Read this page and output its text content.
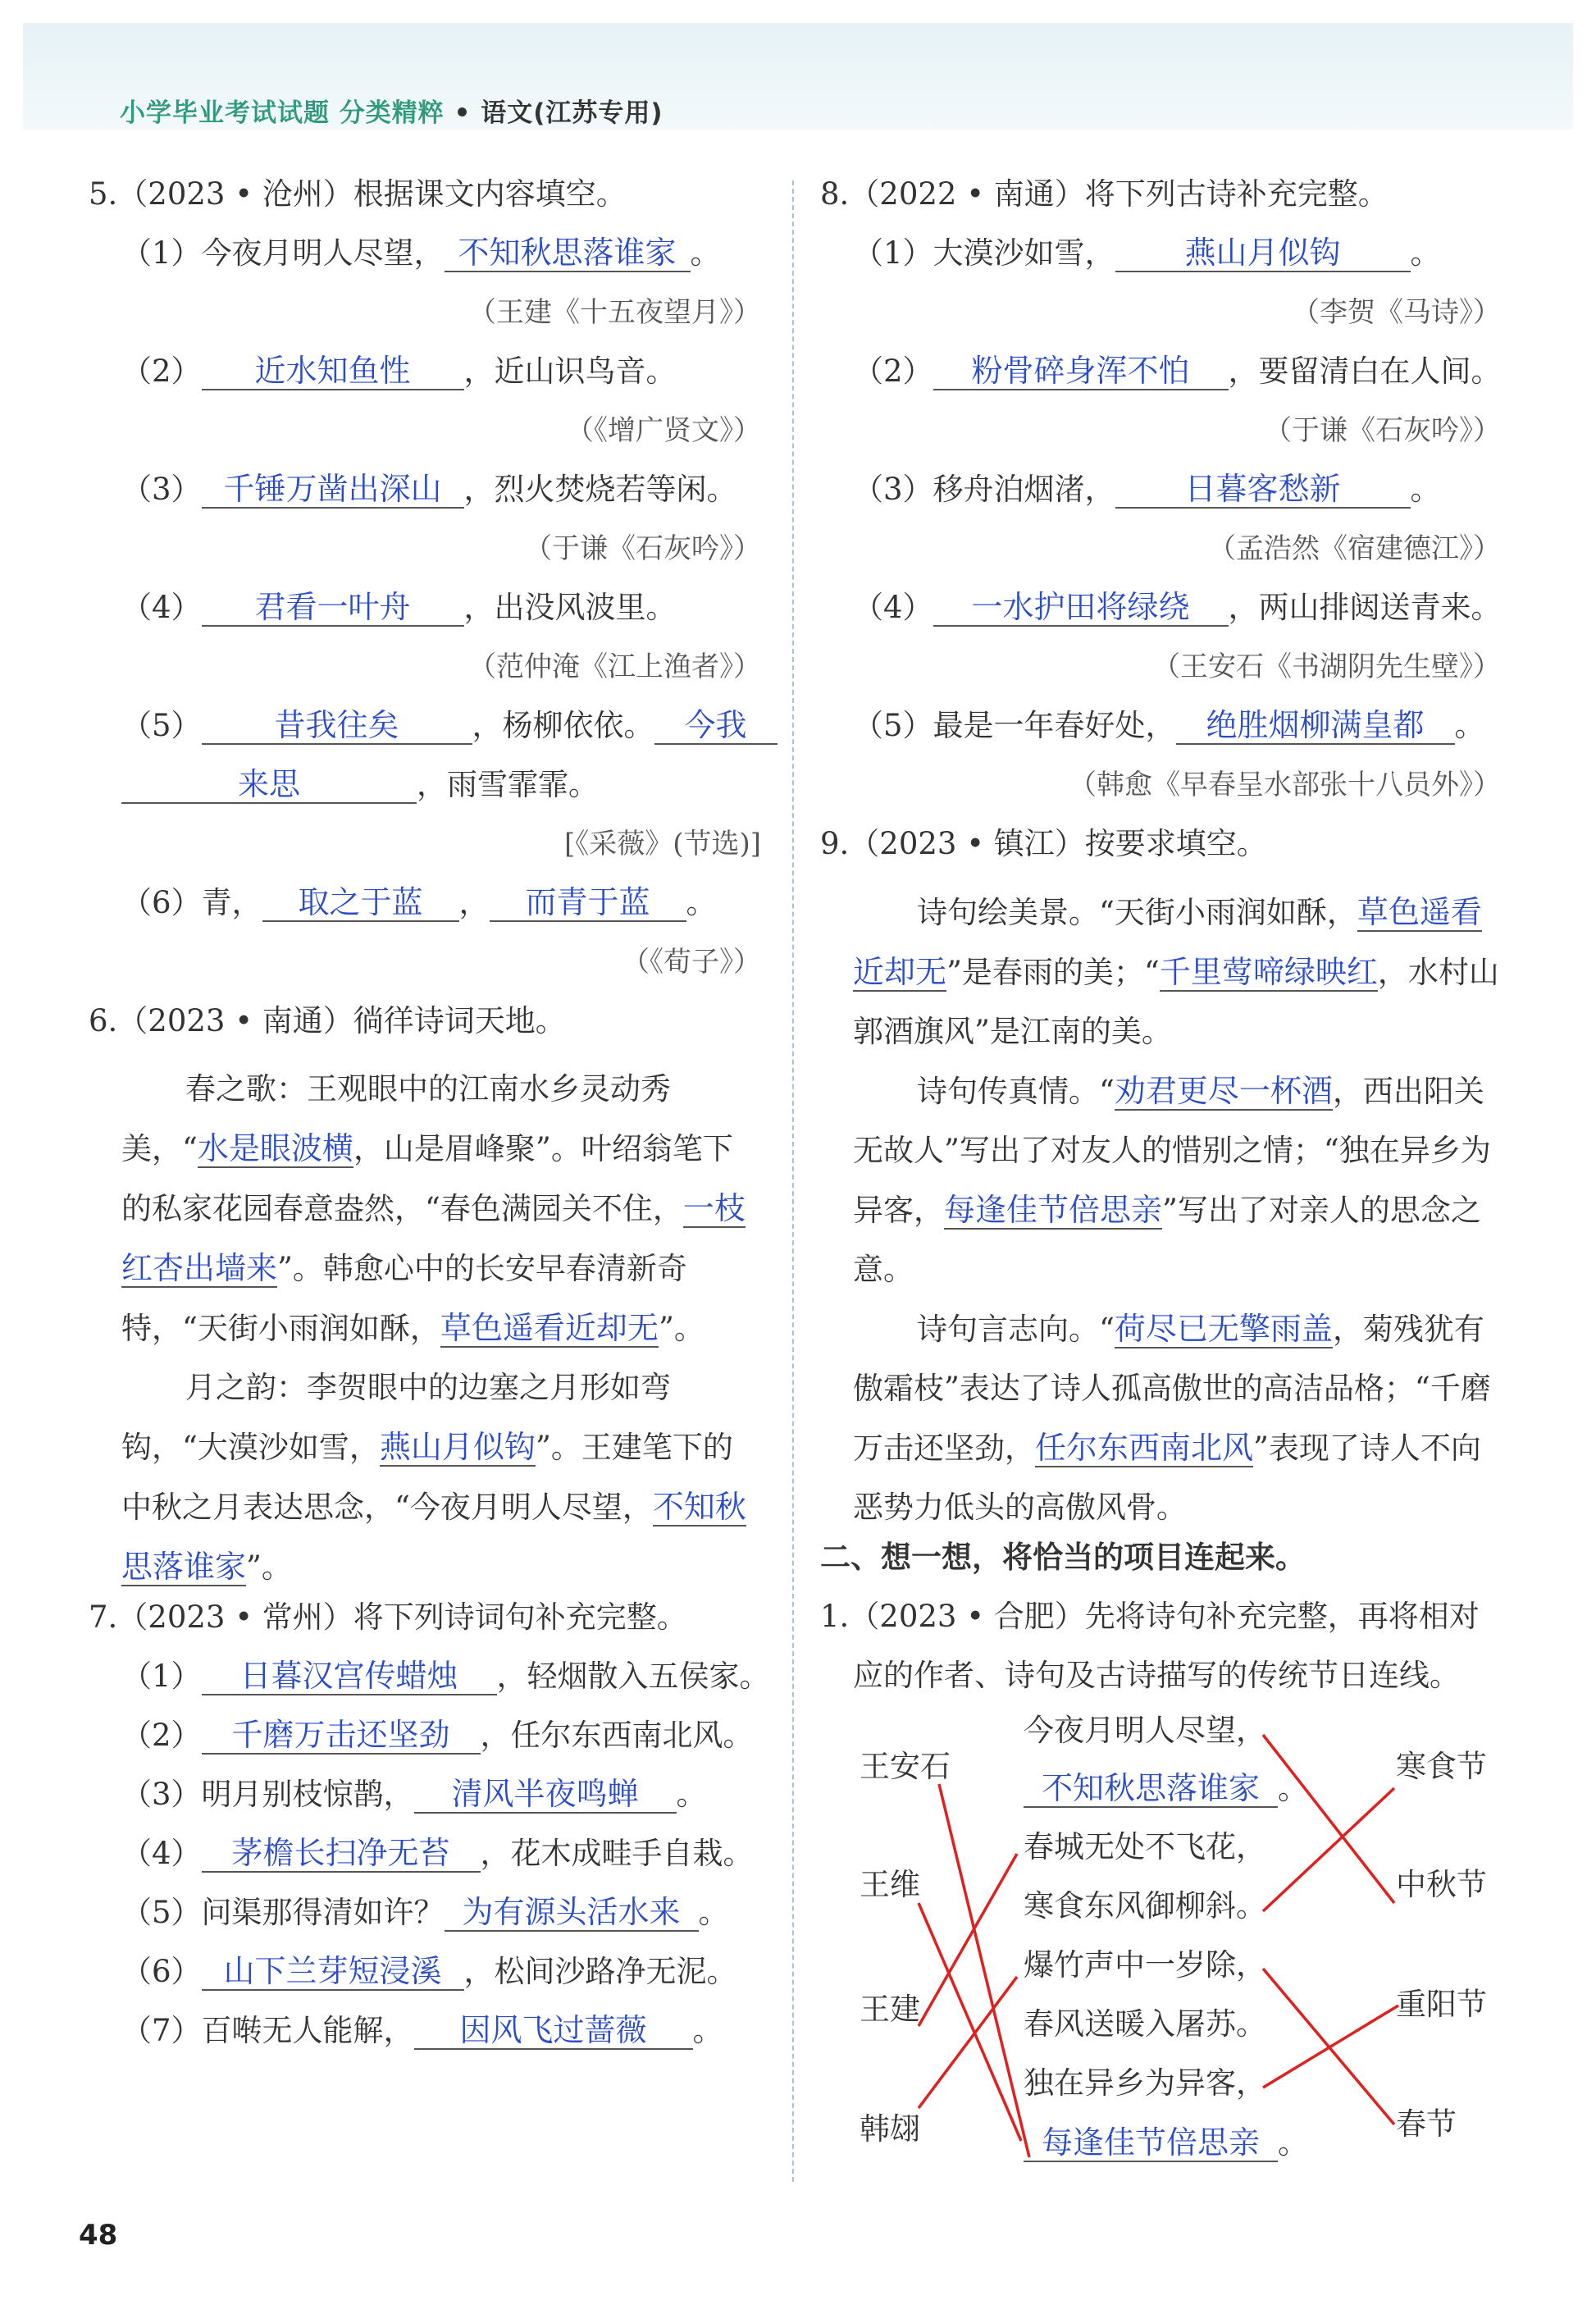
小学毕业考试试题 分类精粹 • 语文(江苏专用)
5.（2023 • 沧州）根据课文内容填空。
（1）今夜月明人尽望， 不知秋思落谁家 。
（王建《十五夜望月》）
（2） 近水知鱼性 ，近山识鸟音。
（《增广贤文》）
（3） 千锤万凿出深山 ，烈火焚烧若等闲。
（于谦《石灰吟》）
（4） 君看一叶舟 ，出没风波里。
（范仲淹《江上渔者》）
（5） 昔我往矣 ，杨柳依依。 今我
来思	，雨雪霏霏。
[《采薇》(节选)]
（6）青， 取之于蓝 ， 而青于蓝 。
（《荀子》）
6.（2023 • 南通）徜徉诗词天地。

春之歌：王观眼中的江南水乡灵动秀美，“水是眼波横，山是眉峰聚”。叶绍翁笔下的私家花园春意盎然，“春色满园关不住，一枝红杏出墙来”。韩愈心中的长安早春清新奇特，“天街小雨润如酥，草色遥看近却无”。

月之韵：李贺眼中的边塞之月形如弯钩，“大漠沙如雪，燕山月似钩”。王建笔下的中秋之月表达思念，“今夜月明人尽望，不知秋思落谁家”。

7.（2023 • 常州）将下列诗词句补充完整。
（1） 日暮汉宫传蜡烛 ，轻烟散入五侯家。
（2） 千磨万击还坚劲 ，任尔东西南北风。
（3）明月别枝惊鹊， 清风半夜鸣蝉 。
（4） 茅檐长扫净无苔 ，花木成畦手自栽。
（5）问渠那得清如许？ 为有源头活水来 。
（6） 山下兰芽短浸溪 ，松间沙路净无泥。
（7）百啭无人能解， 因风飞过蔷薇 。
8.（2022 • 南通）将下列古诗补充完整。
（1）大漠沙如雪， 燕山月似钩 。
（李贺《马诗》）
（2） 粉骨碎身浑不怕 ，要留清白在人间。
（于谦《石灰吟》）
（3）移舟泊烟渚， 日暮客愁新 。
（孟浩然《宿建德江》）
（4） 一水护田将绿绕 ，两山排闼送青来。
（王安石《书湖阴先生壁》）
（5）最是一年春好处， 绝胜烟柳满皇都 。
（韩愈《早春呈水部张十八员外》）
9.（2023 • 镇江）按要求填空。

诗句绘美景。“天街小雨润如酥，草色遥看近却无”是春雨的美；“千里莺啼绿映红，水村山郭酒旗风”是江南的美。

诗句传真情。“劝君更尽一杯酒，西出阳关无故人”写出了对友人的惜别之情；“独在异乡为异客，每逢佳节倍思亲”写出了对亲人的思念之意。

诗句言志向。“荷尽已无擎雨盖，菊残犹有傲霜枝”表达了诗人孤高傲世的高洁品格；“千磨万击还坚劲，任尔东西南北风”表现了诗人不向恶势力低头的高傲风骨。

二、想一想，将恰当的项目连起来。
1.（2023 • 合肥）先将诗句补充完整，再将相对
应的作者、诗句及古诗描写的传统节日连线。
王安石
王维
王建
韩翃
今夜月明人尽望，
不知秋思落谁家 。
春城无处不飞花，
寒食东风御柳斜。
爆竹声中一岁除，
春风送暖入屠苏。
独在异乡为异客，
每逢佳节倍思亲 。
寒食节
中秋节
重阳节
春节
48
